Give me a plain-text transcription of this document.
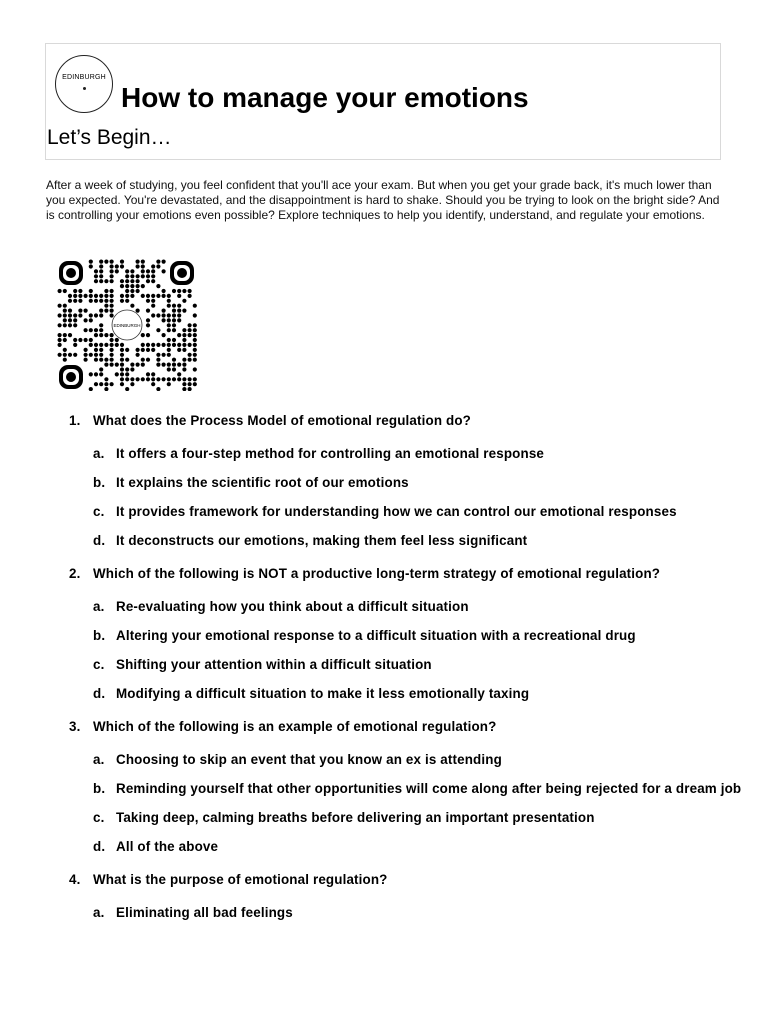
EDINBURGH
How to manage your emotions
Let’s Begin…
After a week of studying, you feel confident that you'll ace your exam. But when you get your grade back, it's much lower than you expected. You're devastated, and the disappointment is hard to shake. Should you be trying to look on the bright side? And is controlling your emotions even possible? Explore techniques to help you identify, understand, and regulate your emotions.
EDINBURGH
1. What does the Process Model of emotional regulation do?
a. It offers a four-step method for controlling an emotional response
b. It explains the scientific root of our emotions
c. It provides framework for understanding how we can control our emotional responses
d. It deconstructs our emotions, making them feel less significant
2. Which of the following is NOT a productive long-term strategy of emotional regulation?
a. Re-evaluating how you think about a difficult situation
b. Altering your emotional response to a difficult situation with a recreational drug
c. Shifting your attention within a difficult situation
d. Modifying a difficult situation to make it less emotionally taxing
3. Which of the following is an example of emotional regulation?
a. Choosing to skip an event that you know an ex is attending
b. Reminding yourself that other opportunities will come along after being rejected for a dream job
c. Taking deep, calming breaths before delivering an important presentation
d. All of the above
4. What is the purpose of emotional regulation?
a. Eliminating all bad feelings
